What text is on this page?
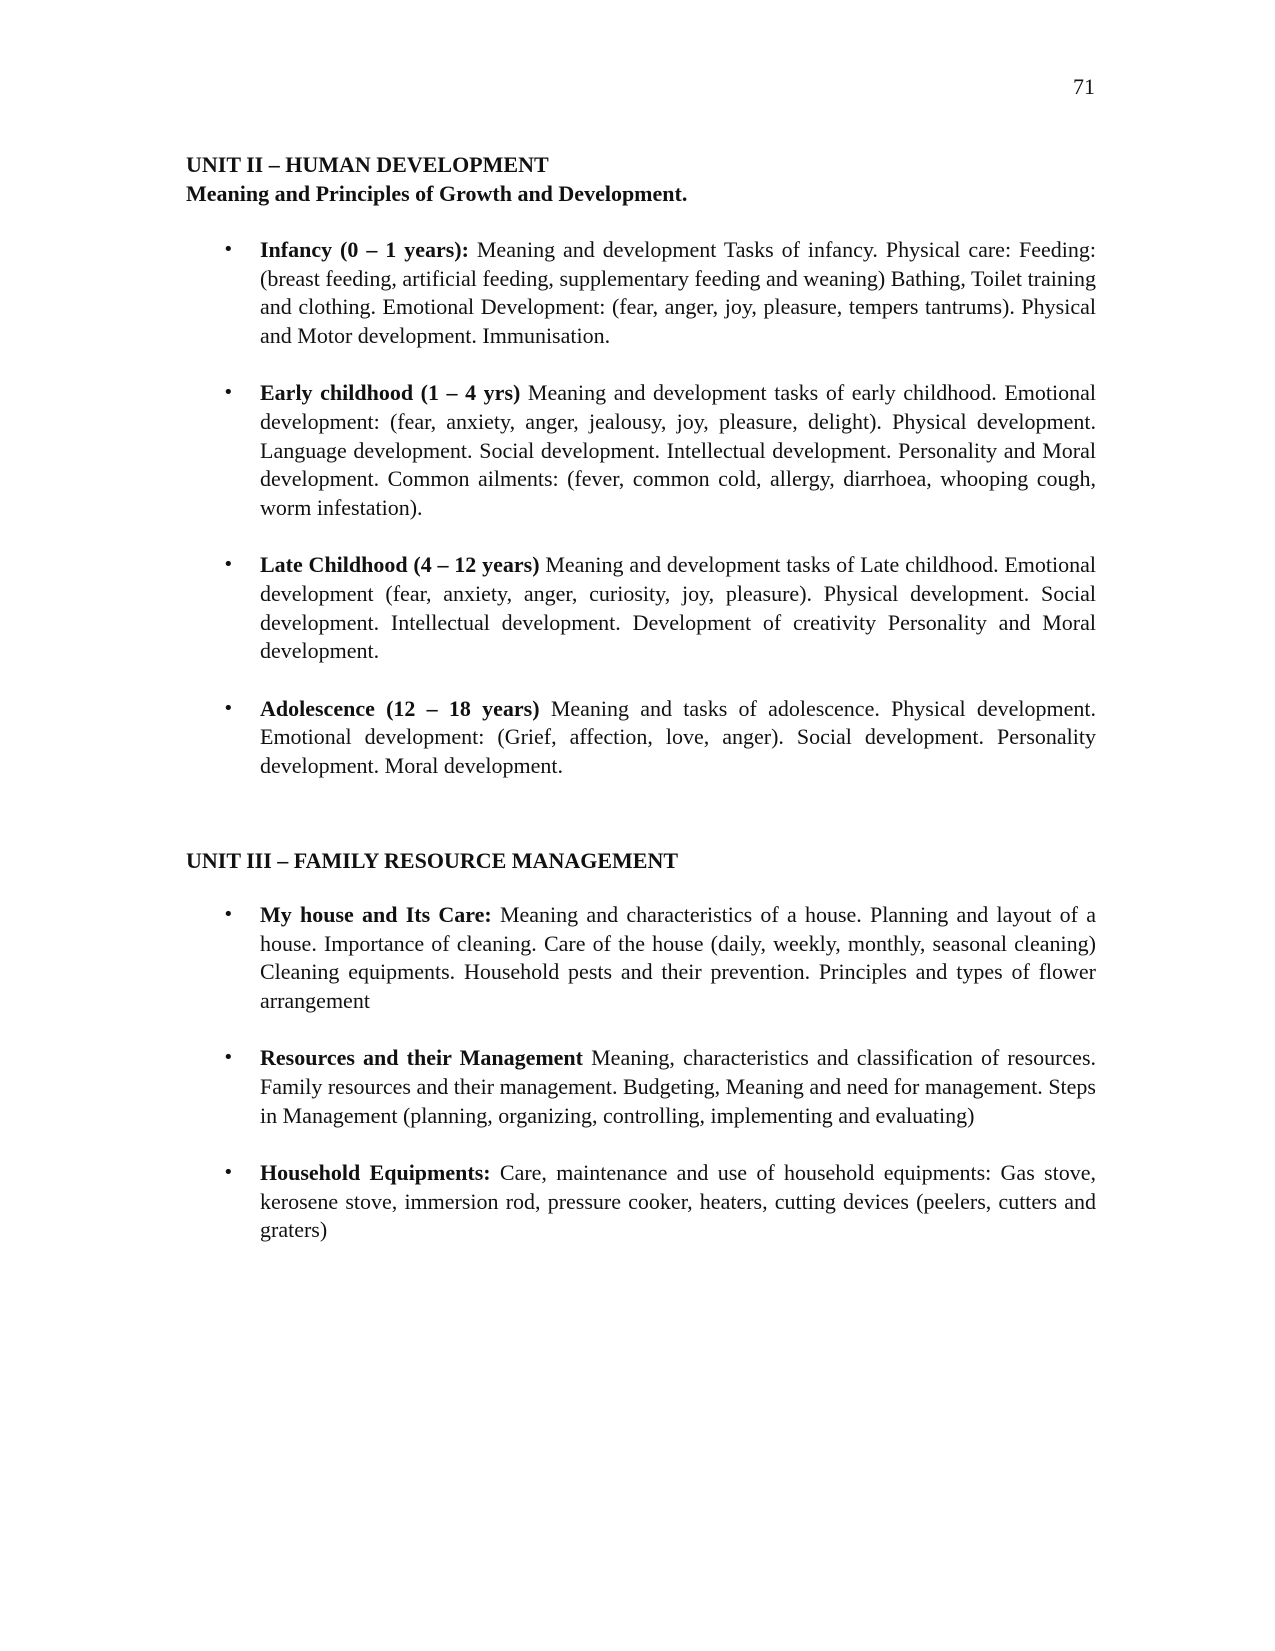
71
UNIT II – HUMAN DEVELOPMENT
Meaning and Principles of Growth and Development.
• Infancy (0 – 1 years): Meaning and development Tasks of infancy. Physical care: Feeding: (breast feeding, artificial feeding, supplementary feeding and weaning) Bathing, Toilet training and clothing. Emotional Development: (fear, anger, joy, pleasure, tempers tantrums). Physical and Motor development. Immunisation.
• Early childhood (1 – 4 yrs) Meaning and development tasks of early childhood. Emotional development: (fear, anxiety, anger, jealousy, joy, pleasure, delight). Physical development. Language development. Social development. Intellectual development. Personality and Moral development. Common ailments: (fever, common cold, allergy, diarrhoea, whooping cough, worm infestation).
• Late Childhood (4 – 12 years) Meaning and development tasks of Late childhood. Emotional development (fear, anxiety, anger, curiosity, joy, pleasure). Physical development. Social development. Intellectual development. Development of creativity Personality and Moral development.
• Adolescence (12 – 18 years) Meaning and tasks of adolescence. Physical development. Emotional development: (Grief, affection, love, anger). Social development. Personality development. Moral development.
UNIT III – FAMILY RESOURCE MANAGEMENT
• My house and Its Care: Meaning and characteristics of a house. Planning and layout of a house. Importance of cleaning. Care of the house (daily, weekly, monthly, seasonal cleaning) Cleaning equipments. Household pests and their prevention. Principles and types of flower arrangement
• Resources and their Management Meaning, characteristics and classification of resources. Family resources and their management. Budgeting, Meaning and need for management. Steps in Management (planning, organizing, controlling, implementing and evaluating)
• Household Equipments: Care, maintenance and use of household equipments: Gas stove, kerosene stove, immersion rod, pressure cooker, heaters, cutting devices (peelers, cutters and graters)
